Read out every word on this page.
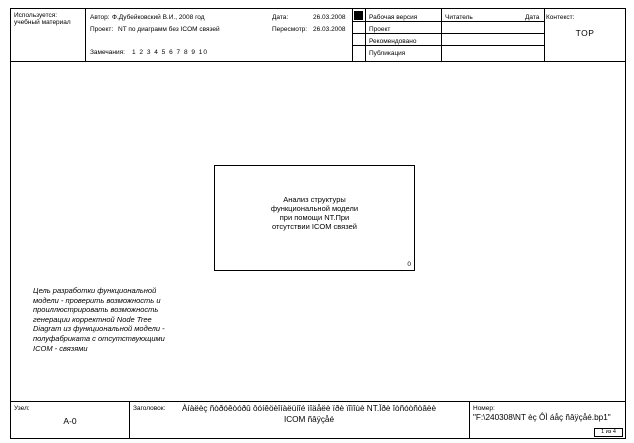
Используется: учебный материал
Автор: Ф.Дубейковский В.И., 2008 год
Проект: NT по диаграмм без ICOM связей
Дата:	26.03.2008
Пересмотр: 26.03.2008
Замечания: 1 2 3 4 5 6 7 8 9 10
Рабочая версия
Проект
Рекомендовано
Публикация
Читатель	Дата Контекст:
TOP
Анализ структуры
функциональной модели
при помощи NT.При
отсутствии ICOM связей
0
Цель разработки функциональной
модели - проверить возможность и
проиллюстрировать возможность
генерации корректной Node Tree
Diagram из функциональной модели -
полуфабриката с отсутствующими
ICOM - связями
Узел:
A-0
Заголовок:	Àíàëèç ñòðóêòóðû ôóíêöèîíàëüíîé ìîäåëè ïðè ïîìîùè NT.Ïðè îòñóòñòâèè
ICOM ñâÿçåé
Номер:
"F:\240308\NT èç ÔÌ áåç ñâÿçåé.bp1"
1 из 4
